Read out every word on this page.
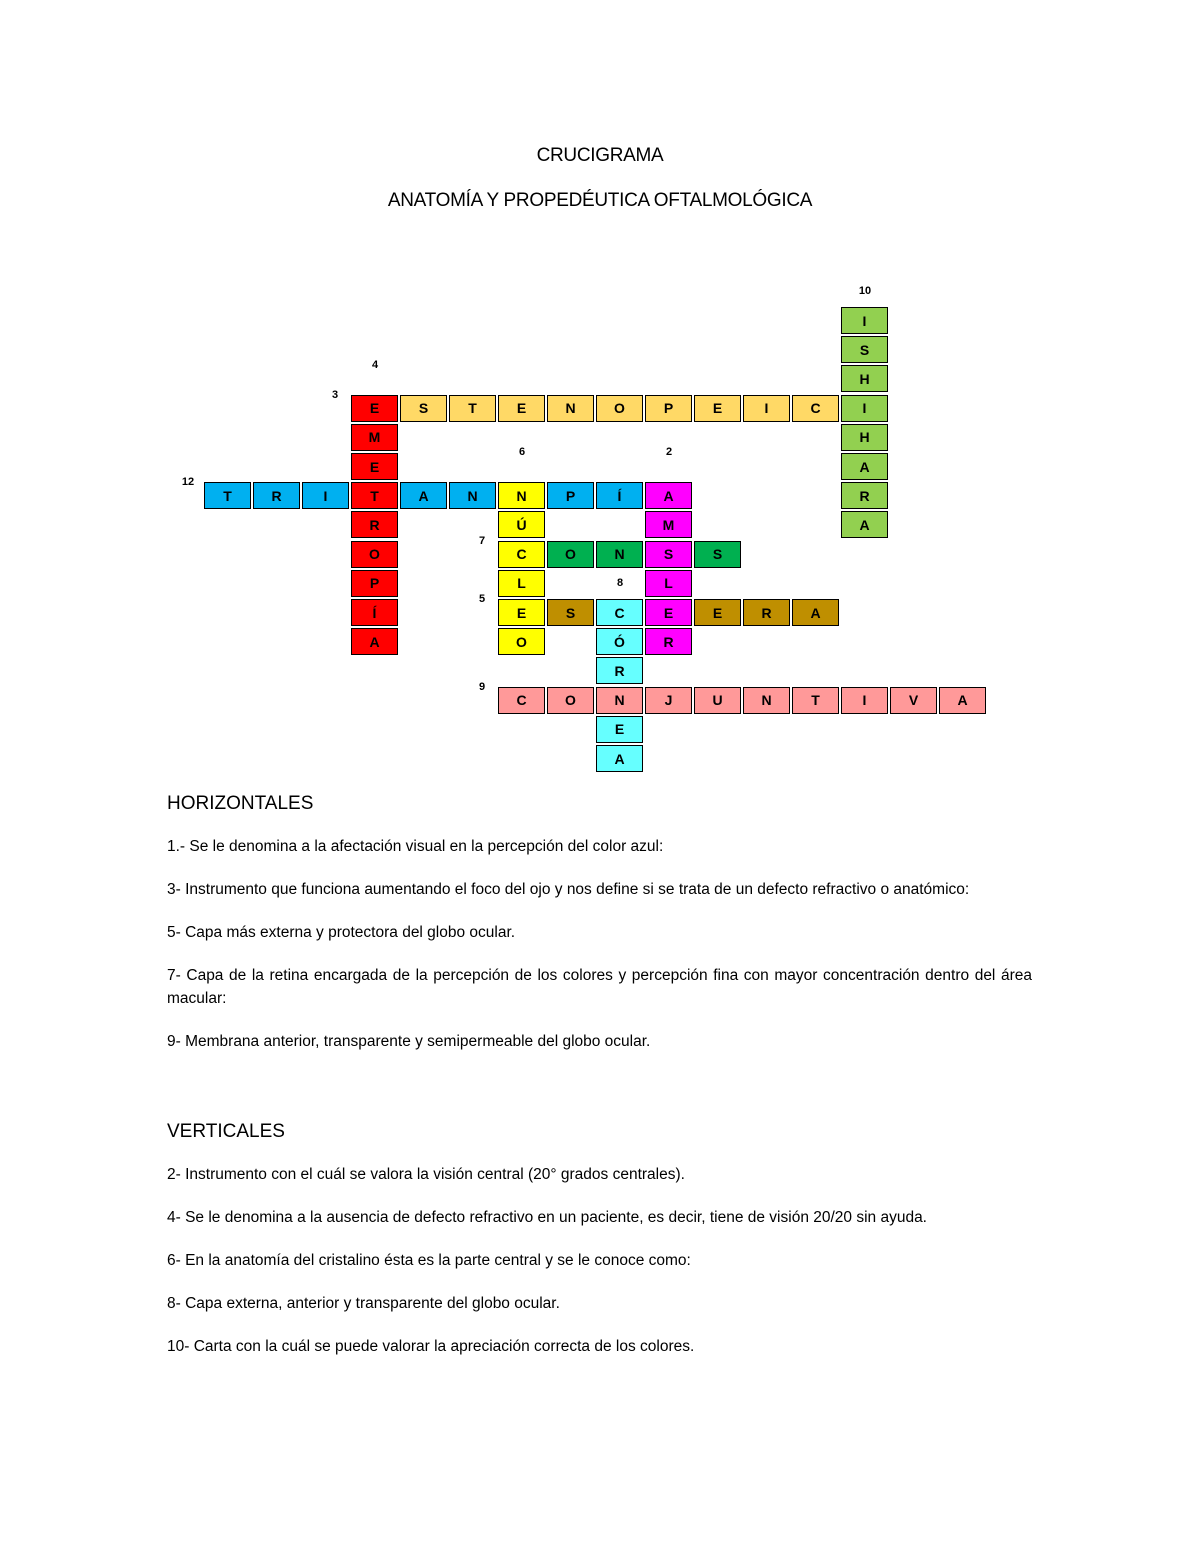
CRUCIGRAMA
ANATOMÍA Y PROPEDÉUTICA OFTALMOLÓGICA
I
S
H
I
H
A
R
A
E
M
E
T
R
O
P
Í
A
N
Ú
C
L
E
O
A
M
S
L
E
R
C
Ó
R
N
E
A
S	T	E	N	O	P	E	I	C
T	R	I	A	N	P	Í
O	N	S
S	E	R	A
C	O	J	U	N	T	I	V	A
10
4
3
6	2
12
7
8
5
9
HORIZONTALES
1.- Se le denomina a la afectación visual en la percepción del color azul:
3- Instrumento que funciona aumentando el foco del ojo y nos define si se trata de un defecto refractivo o anatómico:
5- Capa más externa y protectora del globo ocular.
7- Capa de la retina encargada de la percepción de los colores y percepción fina con mayor concentración dentro del área macular:
9- Membrana anterior, transparente y semipermeable del globo ocular.
VERTICALES
2- Instrumento con el cuál se valora la visión central (20° grados centrales).
4- Se le denomina a la ausencia de defecto refractivo en un paciente, es decir, tiene de visión 20/20 sin ayuda.
6- En la anatomía del cristalino ésta es la parte central y se le conoce como:
8- Capa externa, anterior y transparente del globo ocular.
10- Carta con la cuál se puede valorar la apreciación correcta de los colores.
